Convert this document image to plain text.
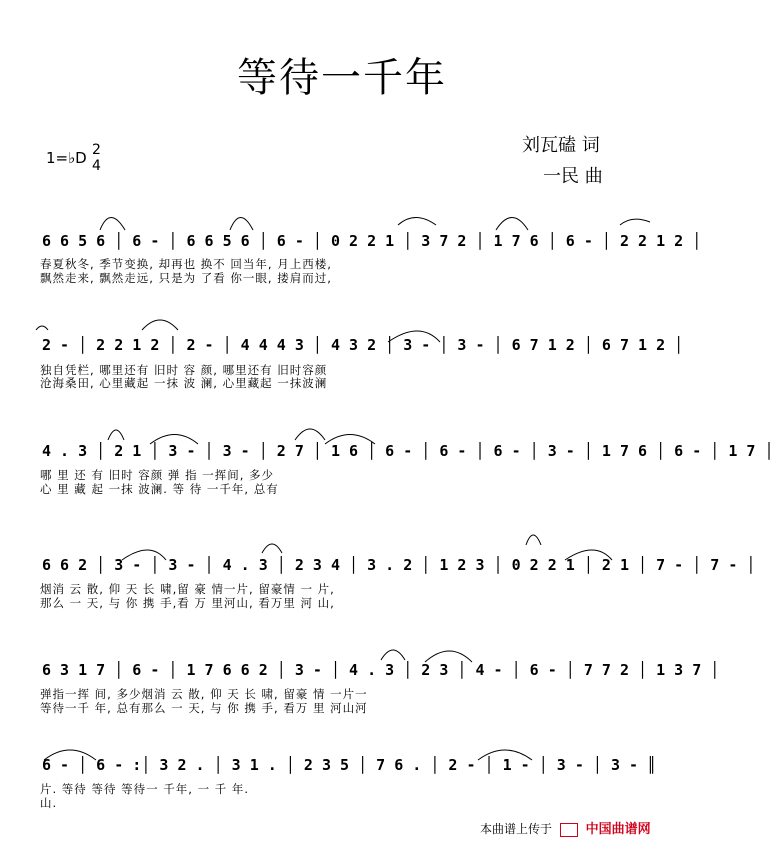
等待一千年
刘瓦磕 词
一民 曲
1=♭D 2
4
6 6 5 6 │ 6 - │ 6 6 5 6 │ 6 - │ 0 2 2 1 │ 3 7 2 │ 1 7 6 │ 6 - │ 2 2 1 2 │
春夏秋冬, 季节变换, 却再也 换不 回当年, 月上西楼,
飘然走来, 飘然走远, 只是为 了看 你一眼, 搂肩而过,
2 - │ 2 2 1 2 │ 2 - │ 4 4 4 3 │ 4 3 2 │ 3 - │ 3 - │ 6 7 1 2 │ 6 7 1 2 │
独自凭栏, 哪里还有 旧时 容 颜, 哪里还有 旧时容颜
沧海桑田, 心里藏起 一抹 波 澜, 心里藏起 一抹波澜
4 . 3 │ 2 1 │ 3 - │ 3 - │ 2 7 │ 1 6 │ 6 - │ 6 - │ 6 - │ 3 - │ 1 7 6 │ 6 - │ 1 7 │
哪 里 还 有 旧时 容颜 弹 指 一挥间, 多少
心 里 藏 起 一抹 波澜. 等 待 一千年, 总有
6 6 2 │ 3 - │ 3 - │ 4 . 3 │ 2 3 4 │ 3 . 2 │ 1 2 3 │ 0 2 2 1 │ 2 1 │ 7 - │ 7 - │
烟消 云 散, 仰 天 长 啸,留 豪 情一片, 留豪情 一 片,
那么 一 天, 与 你 携 手,看 万 里河山, 看万里 河 山,
6 3 1 7 │ 6 - │ 1 7 6 6 2 │ 3 - │ 4 . 3 │ 2 3 │ 4 - │ 6 - │ 7 7 2 │ 1 3 7 │
弹指一挥 间, 多少烟消 云 散, 仰 天 长 啸, 留豪 情 一片一
等待一千 年, 总有那么 一 天, 与 你 携 手, 看万 里 河山河
6 - │ 6 - :│ 3 2 . │ 3 1 . │ 2 3 5 │ 7 6 . │ 2 - │ 1 - │ 3 - │ 3 - ║
片. 等待 等待 等待一 千年, 一 千 年.
山.
本曲谱上传于	中国曲谱网
